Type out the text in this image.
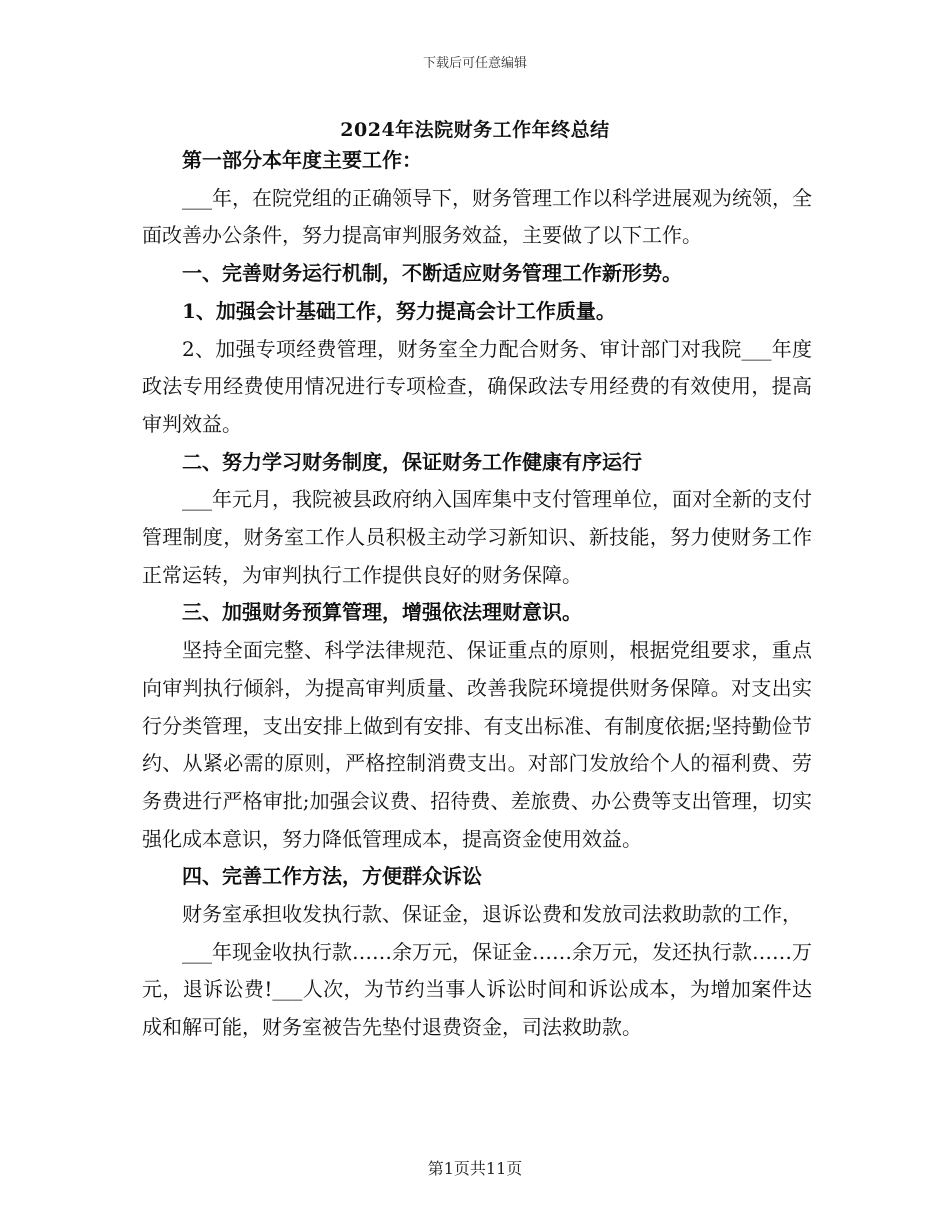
下载后可任意编辑
2024年法院财务工作年终总结

第一部分本年度主要工作：

___年，在院党组的正确领导下，财务管理工作以科学进展观为统领，全面改善办公条件，努力提高审判服务效益，主要做了以下工作。

一、完善财务运行机制，不断适应财务管理工作新形势。

1、加强会计基础工作，努力提高会计工作质量。

2、加强专项经费管理，财务室全力配合财务、审计部门对我院___年度政法专用经费使用情况进行专项检查，确保政法专用经费的有效使用，提高审判效益。

二、努力学习财务制度，保证财务工作健康有序运行

___年元月，我院被县政府纳入国库集中支付管理单位，面对全新的支付管理制度，财务室工作人员积极主动学习新知识、新技能，努力使财务工作正常运转，为审判执行工作提供良好的财务保障。

三、加强财务预算管理，增强依法理财意识。

坚持全面完整、科学法律规范、保证重点的原则，根据党组要求，重点向审判执行倾斜，为提高审判质量、改善我院环境提供财务保障。对支出实行分类管理，支出安排上做到有安排、有支出标准、有制度依据;坚持勤俭节约、从紧必需的原则，严格控制消费支出。对部门发放给个人的福利费、劳务费进行严格审批;加强会议费、招待费、差旅费、办公费等支出管理，切实强化成本意识，努力降低管理成本，提高资金使用效益。

四、完善工作方法，方便群众诉讼

财务室承担收发执行款、保证金，退诉讼费和发放司法救助款的工作，

___年现金收执行款……余万元，保证金……余万元，发还执行款……万元，退诉讼费!___人次，为节约当事人诉讼时间和诉讼成本，为增加案件达成和解可能，财务室被告先垫付退费资金，司法救助款。

第1页共11页
